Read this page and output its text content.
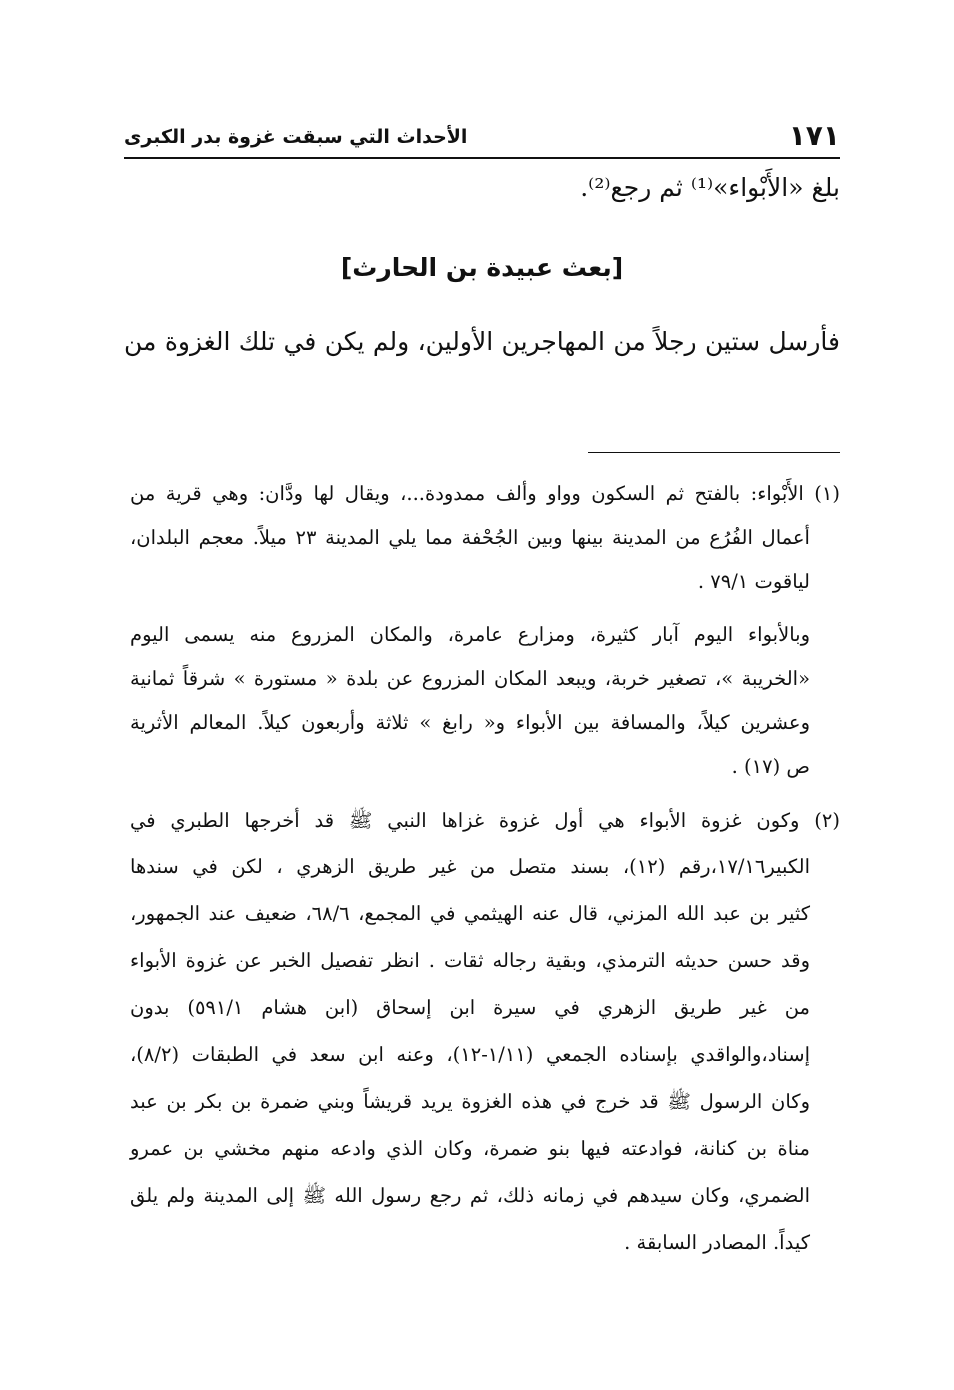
١٧١
الأحداث التي سبقت غزوة بدر الكبرى
بلغ «الأَبْواء»⁽¹⁾ ثم رجع⁽²⁾.
[بعث عبيدة بن الحارث]
فأرسل ستين رجلاً من المهاجرين الأولين، ولم يكن في تلك الغزوة من
(١) الأَبْواء: بالفتح ثم السكون وواو وألف ممدودة...، ويقال لها ودَّان: وهي قرية من
أعمال الفُرُع من المدينة بينها وبين الجُحْفة مما يلي المدينة ٢٣ ميلاً. معجم البلدان،
لياقوت ٧٩/١ .
وبالأبواء اليوم آبار كثيرة، ومزارع عامرة، والمكان المزروع منه يسمى اليوم
«الخريبة »، تصغير خربة، ويبعد المكان المزروع عن بلدة « مستورة » شرقاً ثمانية
وعشرين كيلاً، والمسافة بين الأبواء و« رابغ » ثلاثة وأربعون كيلاً. المعالم الأثرية
ص (١٧) .
(٢) وكون غزوة الأبواء هي أول غزوة غزاها النبي ﷺ قد أخرجها الطبري في
الكبير١٧/١٦،رقم (١٢)، بسند متصل من غير طريق الزهري ، لكن في سندها
كثير بن عبد الله المزني، قال عنه الهيثمي في المجمع، ٦٨/٦، ضعيف عند الجمهور،
وقد حسن حديثه الترمذي، وبقية رجاله ثقات . انظر تفصيل الخبر عن غزوة الأبواء
من غير طريق الزهري في سيرة ابن إسحاق (ابن هشام ٥٩١/١) بدون
إسناد،والواقدي بإسناده الجمعي (١/١١-١٢)، وعنه ابن سعد في الطبقات (٨/٢)،
وكان الرسول ﷺ قد خرج في هذه الغزوة يريد قريشاً وبني ضمرة بن بكر بن عبد
مناة بن كنانة، فوادعته فيها بنو ضمرة، وكان الذي وادعه منهم مخشي بن عمرو
الضمري، وكان سيدهم في زمانه ذلك، ثم رجع رسول الله ﷺ إلى المدينة ولم يلق
كيداً. المصادر السابقة .
